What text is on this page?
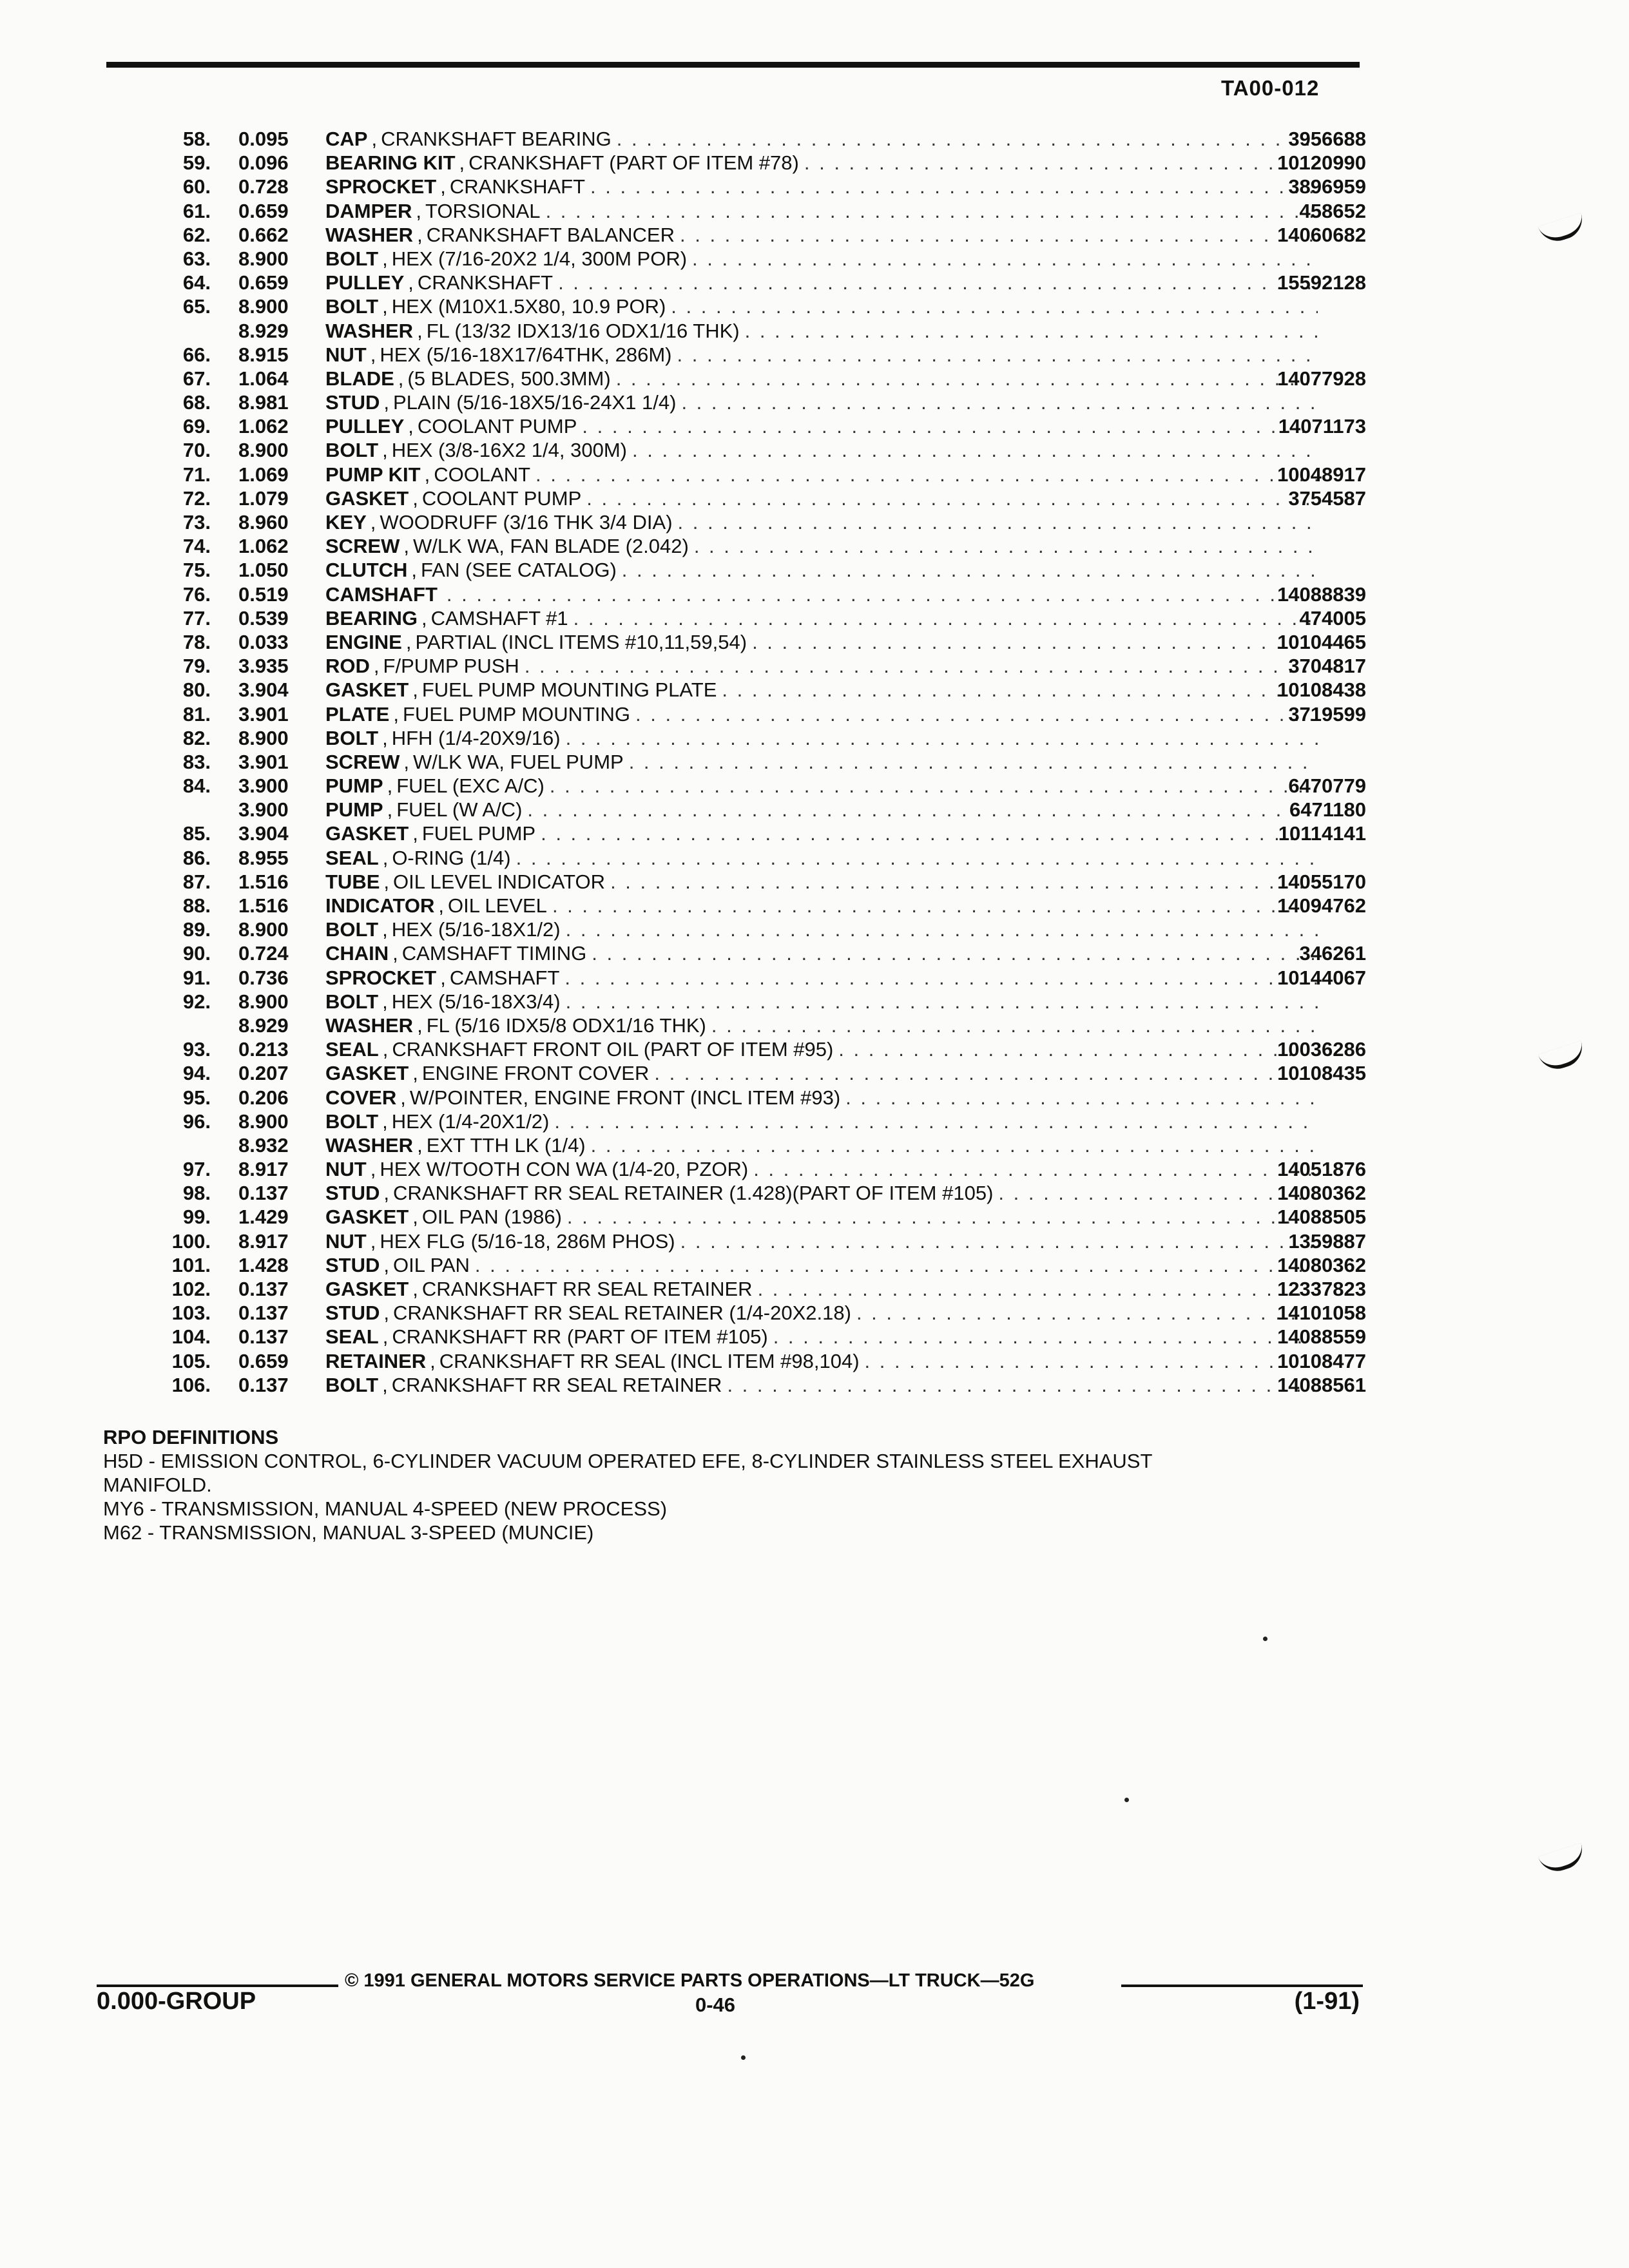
TA00-012
58. 0.095 CAP , CRANKSHAFT BEARING . . .	3956688
59. 0.096 BEARING KIT , CRANKSHAFT (PART OF ITEM #78) . . .	10120990
60. 0.728 SPROCKET , CRANKSHAFT . . .	3896959
61. 0.659 DAMPER , TORSIONAL . . .	458652
62. 0.662 WASHER , CRANKSHAFT BALANCER . . .	14060682
63. 8.900 BOLT , HEX (7/16-20X2 1/4, 300M POR)
. . .
64. 0.659 PULLEY , CRANKSHAFT . . .	15592128
65. 8.900 BOLT , HEX (M10X1.5X80, 10.9 POR)
. . .
8.929 WASHER , FL (13/32 IDX13/16 ODX1/16 THK)
. . .
66. 8.915 NUT , HEX (5/16-18X17/64THK, 286M)
. . .
67. 1.064 BLADE , (5 BLADES, 500.3MM) . . .	14077928
68. 8.981 STUD , PLAIN (5/16-18X5/16-24X1 1/4)
. . .
69. 1.062 PULLEY , COOLANT PUMP . . .	14071173
70. 8.900 BOLT , HEX (3/8-16X2 1/4, 300M)
. . .
71. 1.069 PUMP KIT , COOLANT . . .	10048917
72. 1.079 GASKET , COOLANT PUMP . . .	3754587
73. 8.960 KEY , WOODRUFF (3/16 THK 3/4 DIA)
. . .
74. 1.062 SCREW , W/LK WA, FAN BLADE (2.042)
. . .
75. 1.050 CLUTCH , FAN (SEE CATALOG)
. . .
76. 0.519 CAMSHAFT . . .	14088839
77. 0.539 BEARING , CAMSHAFT #1 . . .	474005
78. 0.033 ENGINE , PARTIAL (INCL ITEMS #10,11,59,54) . . .	10104465
79. 3.935 ROD , F/PUMP PUSH . . .	3704817
80. 3.904 GASKET , FUEL PUMP MOUNTING PLATE . . .	10108438
81. 3.901 PLATE , FUEL PUMP MOUNTING . . .	3719599
82. 8.900 BOLT , HFH (1/4-20X9/16)
. . .
83. 3.901 SCREW , W/LK WA, FUEL PUMP
. . .
84. 3.900 PUMP , FUEL (EXC A/C) . . .	6470779
3.900 PUMP , FUEL (W A/C) . . .	6471180
85. 3.904 GASKET , FUEL PUMP . . .	10114141
86. 8.955 SEAL , O-RING (1/4)
. . .
87. 1.516 TUBE , OIL LEVEL INDICATOR . . .	14055170
88. 1.516 INDICATOR , OIL LEVEL . . .	14094762
89. 8.900 BOLT , HEX (5/16-18X1/2)
. . .
90. 0.724 CHAIN , CAMSHAFT TIMING . . .	346261
91. 0.736 SPROCKET , CAMSHAFT . . .	10144067
92. 8.900 BOLT , HEX (5/16-18X3/4)
. . .
8.929 WASHER , FL (5/16 IDX5/8 ODX1/16 THK)
. . .
93. 0.213 SEAL , CRANKSHAFT FRONT OIL (PART OF ITEM #95) . . .	10036286
94. 0.207 GASKET , ENGINE FRONT COVER . . .	10108435
95. 0.206 COVER , W/POINTER, ENGINE FRONT (INCL ITEM #93)
. . .
96. 8.900 BOLT , HEX (1/4-20X1/2)
. . .
8.932 WASHER , EXT TTH LK (1/4)
. . .
97. 8.917 NUT , HEX W/TOOTH CON WA (1/4-20, PZOR) . . .	14051876
98. 0.137 STUD , CRANKSHAFT RR SEAL RETAINER (1.428)(PART OF ITEM #105) . . .	14080362
99. 1.429 GASKET , OIL PAN (1986) . . .	14088505
100. 8.917 NUT , HEX FLG (5/16-18, 286M PHOS) . . .	1359887
101. 1.428 STUD , OIL PAN . . .	14080362
102. 0.137 GASKET , CRANKSHAFT RR SEAL RETAINER . . .	12337823
103. 0.137 STUD , CRANKSHAFT RR SEAL RETAINER (1/4-20X2.18) . . .	14101058
104. 0.137 SEAL , CRANKSHAFT RR (PART OF ITEM #105) . . .	14088559
105. 0.659 RETAINER , CRANKSHAFT RR SEAL (INCL ITEM #98,104) . . .	10108477
106. 0.137 BOLT , CRANKSHAFT RR SEAL RETAINER . . .	14088561
RPO DEFINITIONS
H5D - EMISSION CONTROL, 6-CYLINDER VACUUM OPERATED EFE, 8-CYLINDER STAINLESS STEEL EXHAUST
MANIFOLD.
MY6 - TRANSMISSION, MANUAL 4-SPEED (NEW PROCESS)
M62 - TRANSMISSION, MANUAL 3-SPEED (MUNCIE)
© 1991 GENERAL MOTORS SERVICE PARTS OPERATIONS—LT TRUCK—52G
0.000-GROUP	0-46	(1-91)
